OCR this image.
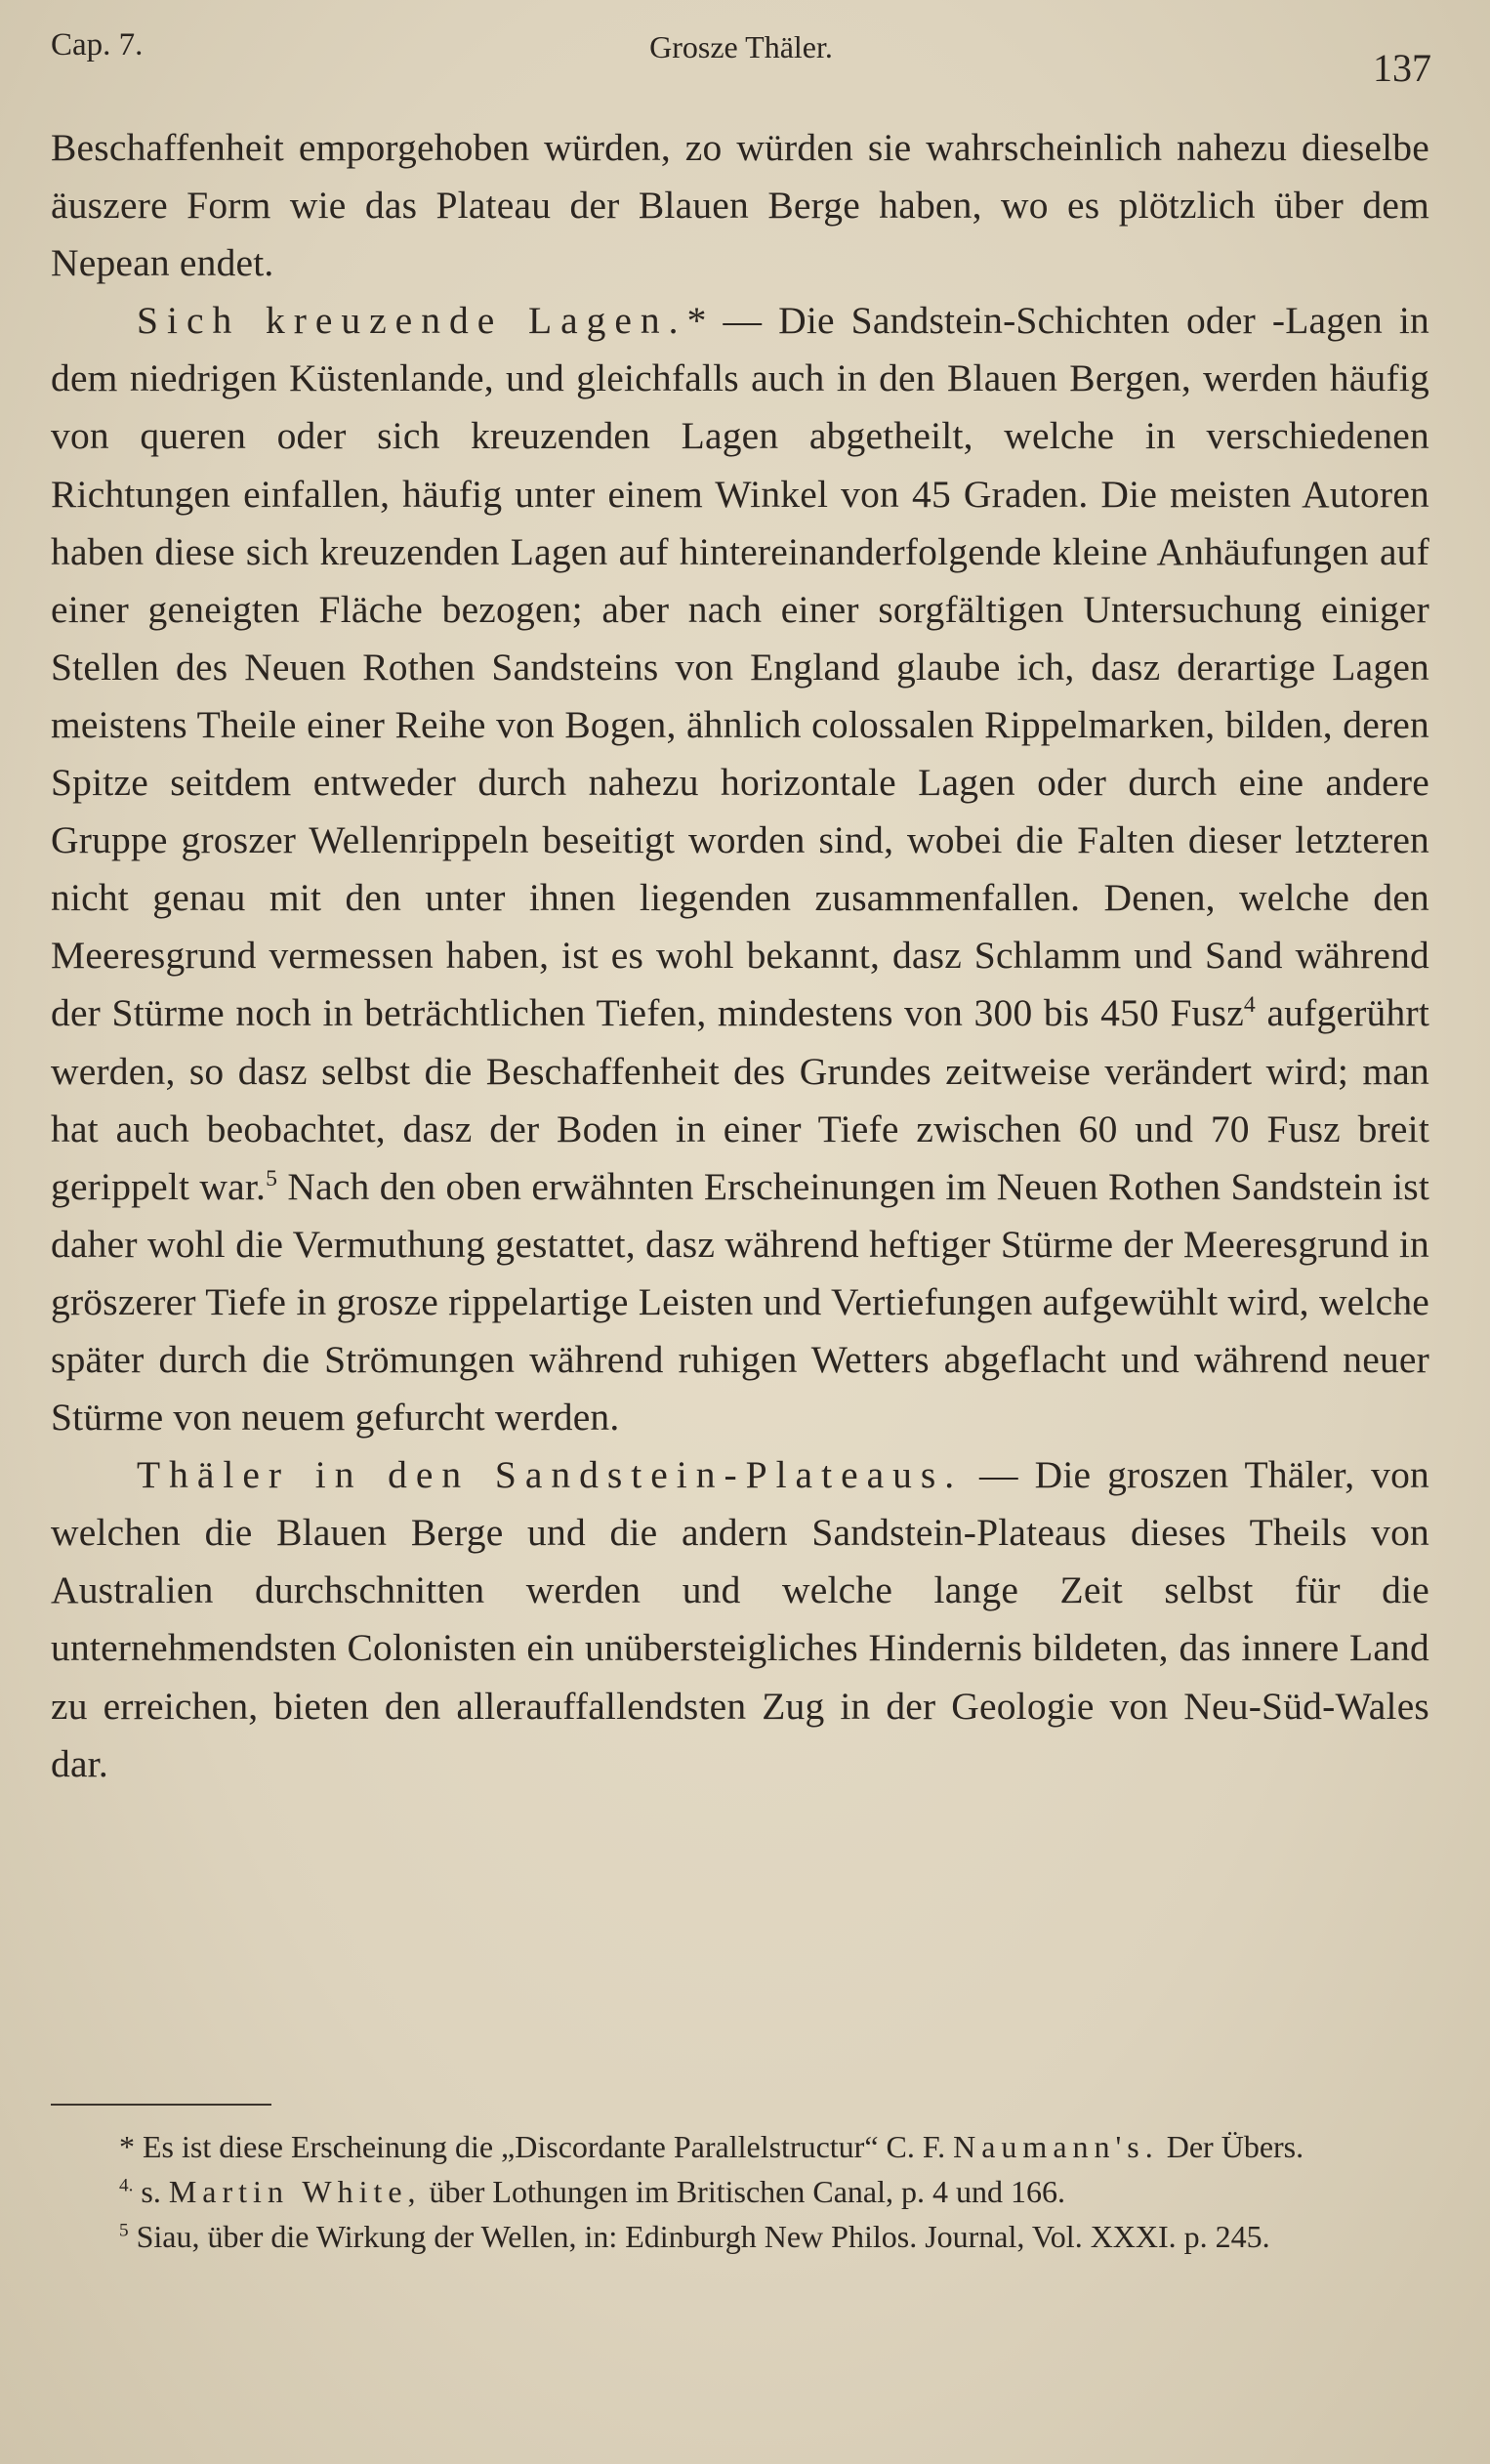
Cap. 7.	Grosze Thäler.	137

Beschaffenheit emporgehoben würden, zo würden sie wahrscheinlich nahezu dieselbe äuszere Form wie das Plateau der Blauen Berge haben, wo es plötzlich über dem Nepean endet.

Sich kreuzende Lagen.* — Die Sandstein-Schichten oder -Lagen in dem niedrigen Küstenlande, und gleichfalls auch in den Blauen Bergen, werden häufig von queren oder sich kreuzenden Lagen abgetheilt, welche in verschiedenen Richtungen einfallen, häufig unter einem Winkel von 45 Graden. Die meisten Autoren haben diese sich kreuzenden Lagen auf hintereinanderfolgende kleine Anhäufungen auf einer geneigten Fläche bezogen; aber nach einer sorgfältigen Untersuchung einiger Stellen des Neuen Rothen Sandsteins von England glaube ich, dasz derartige Lagen meistens Theile einer Reihe von Bogen, ähnlich colossalen Rippelmarken, bilden, deren Spitze seitdem entweder durch nahezu horizontale Lagen oder durch eine andere Gruppe groszer Wellenrippeln beseitigt worden sind, wobei die Falten dieser letzteren nicht genau mit den unter ihnen liegenden zusammenfallen. Denen, welche den Meeresgrund vermessen haben, ist es wohl bekannt, dasz Schlamm und Sand während der Stürme noch in beträchtlichen Tiefen, mindestens von 300 bis 450 Fusz$^4$ aufgerührt werden, so dasz selbst die Beschaffenheit des Grundes zeitweise verändert wird; man hat auch beobachtet, dasz der Boden in einer Tiefe zwischen 60 und 70 Fusz breit gerippelt war.$^5$ Nach den oben erwähnten Erscheinungen im Neuen Rothen Sandstein ist daher wohl die Vermuthung gestattet, dasz während heftiger Stürme der Meeresgrund in gröszerer Tiefe in grosze rippelartige Leisten und Vertiefungen aufgewühlt wird, welche später durch die Strömungen während ruhigen Wetters abgeflacht und während neuer Stürme von neuem gefurcht werden.

Thäler in den Sandstein-Plateaus. — Die groszen Thäler, von welchen die Blauen Berge und die andern Sandstein-Plateaus dieses Theils von Australien durchschnitten werden und welche lange Zeit selbst für die unternehmendsten Colonisten ein unübersteigliches Hindernis bildeten, das innere Land zu erreichen, bieten den allerauffallendsten Zug in der Geologie von Neu-Süd-Wales dar.

* Es ist diese Erscheinung die „Discordante Parallelstructur“ C. F. Naumann's. Der Übers.

$^{4.}$ s. Martin White, über Lothungen im Britischen Canal, p. 4 und 166.

$^5$ Siau, über die Wirkung der Wellen, in: Edinburgh New Philos. Journal, Vol. XXXI. p. 245.
